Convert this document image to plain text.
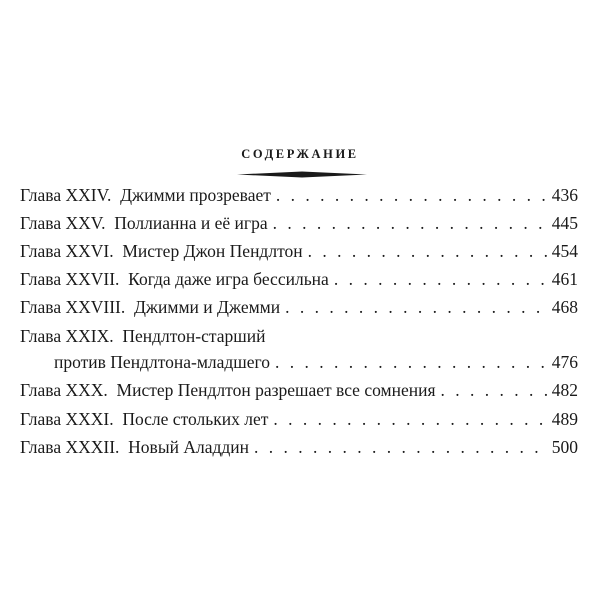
СОДЕРЖАНИЕ
Глава XXIV. Джимми прозревает . . .	436
Глава XXV. Поллианна и её игра . . .	445
Глава XXVI. Мистер Джон Пендлтон . . .	454
Глава XXVII. Когда даже игра бессильна . . .	461
Глава XXVIII. Джимми и Джемми . . .	468
Глава XXIX. Пендлтон-старший
против Пендлтона-младшего . . .	476
Глава XXX. Мистер Пендлтон разрешает все сомнения . . .	482
Глава XXXI. После стольких лет . . .	489
Глава XXXII. Новый Аладдин . . .	500
